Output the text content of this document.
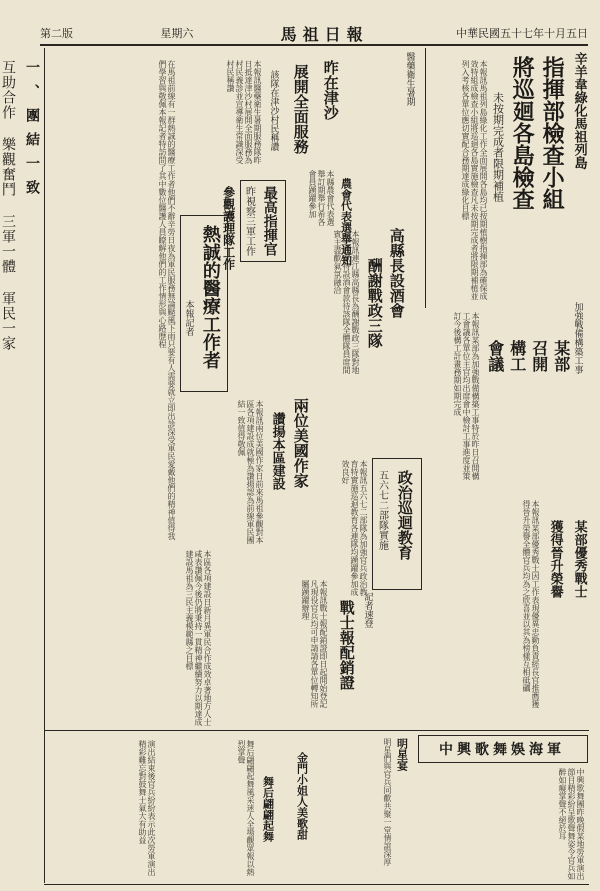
第二版	星期六	馬祖日報	中華民國五十七年十月五日
一、團結一致
互助合作 樂觀奮鬥 三軍一體 軍民一家	辛羊韋綠化馬祖列島
指揮部檢查小組
將巡廻各島檢查
未按期完成者限期補植
本報訊馬祖列島綠化工作全面展開各島均已按期植樹指揮部為確保成效特組成檢查小組將巡廻各島實施檢查凡未按期完成者將限期補植並列入考核各單位應切實配合務期達成綠化目標
加強戰備構築工事
某部
召開
構工
會議
本報訊某部為加強戰備構築工事特於昨日召開構工會議各單位主官均出席會中檢討工事進度並策訂今後構工計畫務期如期完成
高縣長設酒會
酬謝戰政三隊
本報訊連江縣高縣長為酬謝戰政三隊對地方之貢獻特設酒會款待該隊全體隊員席間賓主盡歡氣氛融洽
農會代表選舉通知
本縣農會代表選舉訂期舉行希各會員踴躍參加
最高指揮官
昨視察三軍工作
參觀護理隊工作
醫藥衛生暑期
昨在津沙
展開全面服務
該隊在津沙村民稱讚
本報訊醫藥衛生暑期服務隊昨日抵達津沙村展開全面服務為村民義診並宣導衛生常識深受村民稱讚
熱誠的醫療工作者
本報記者
在馬祖前線有一群熱誠的醫療工作者他們不辭辛勞日夜為軍民服務無論颳風下雨只要有人需要就立即出診深受軍民愛戴他們的精神值得我們學習與敬佩本報記者特訪問了其中數位醫護人員瞭解他們的工作情形與心路歷程
兩位美國作家
讚揚本區建設
本報訊兩位美國作家日前來馬祖參觀對本區各項建設成就極為讚揚認為前線軍民團結一致值得敬佩
政治巡迴教育
五六七二部隊實施
本報訊五六七二部隊為加強官兵政治教育特實施巡迴教育各連隊均踴躍參加成效良好
某部優秀戰士
獲得晉升榮譽
本報訊某部優秀戰士因工作表現優異忠勤負責經長官推薦獲得晉升榮譽全體官兵均為之欣喜並以其為榜樣互相砥礪
記者速登
戰士報配銷證
本報訊戰士報配銷證即日起開始登記凡現役官兵均可申請請各單位轉知所屬踴躍辦理
本區各項建設日新月異軍民合作成效卓著地方人士咸表讚佩今後仍將秉持一貫精神繼續努力以期達成建設馬祖為三民主義模範縣之目標
中興歌舞娛海軍
中興歌舞團昨晚假某地勞軍演出節目精彩紛呈歌聲舞姿令官兵如醉如癡掌聲不絕於耳
明星宴
明星們與官兵同歡共聚一堂情誼深厚
金門小姐人美歌甜
舞后翩翩起舞
舞后翩翩起舞風采迷人全場觀眾報以熱烈掌聲
演出結束後官兵紛紛表示此次勞軍演出精彩難忘對鼓舞士氣大有助益
